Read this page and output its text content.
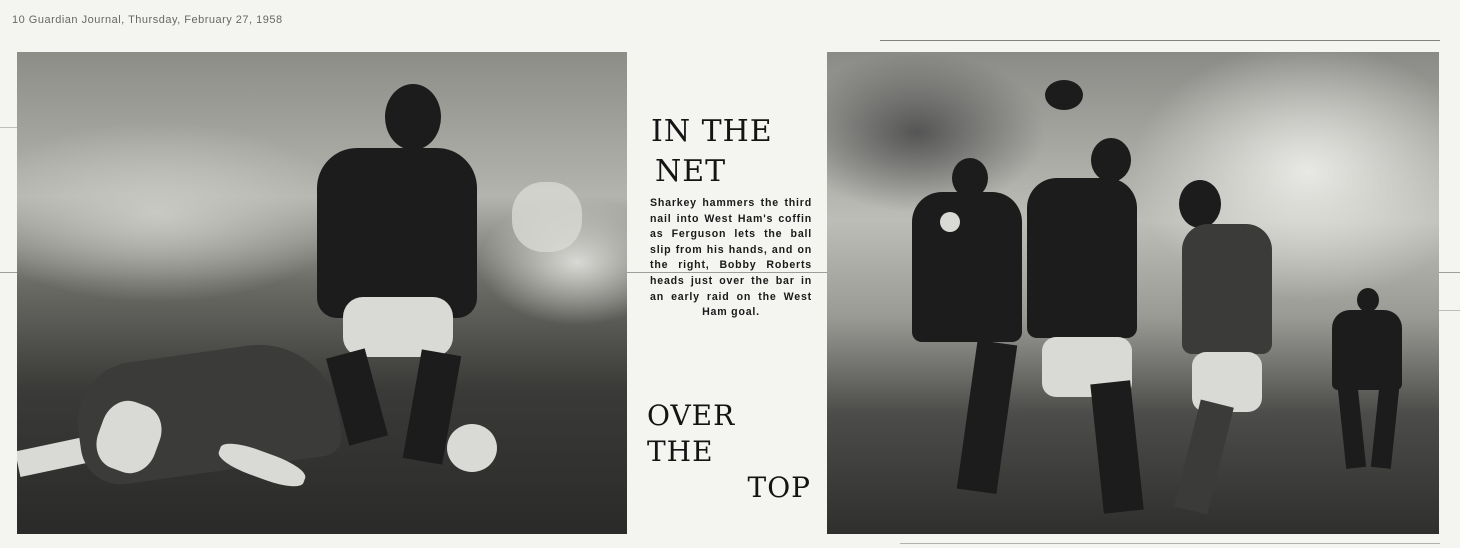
10 Guardian Journal, Thursday, February 27, 1958
IN THE
NET

Sharkey hammers the third nail into West Ham's coffin as Ferguson lets the ball slip from his hands, and on the right, Bobby Roberts heads just over the bar in an early raid on the West Ham goal.

OVER THE
TOP
